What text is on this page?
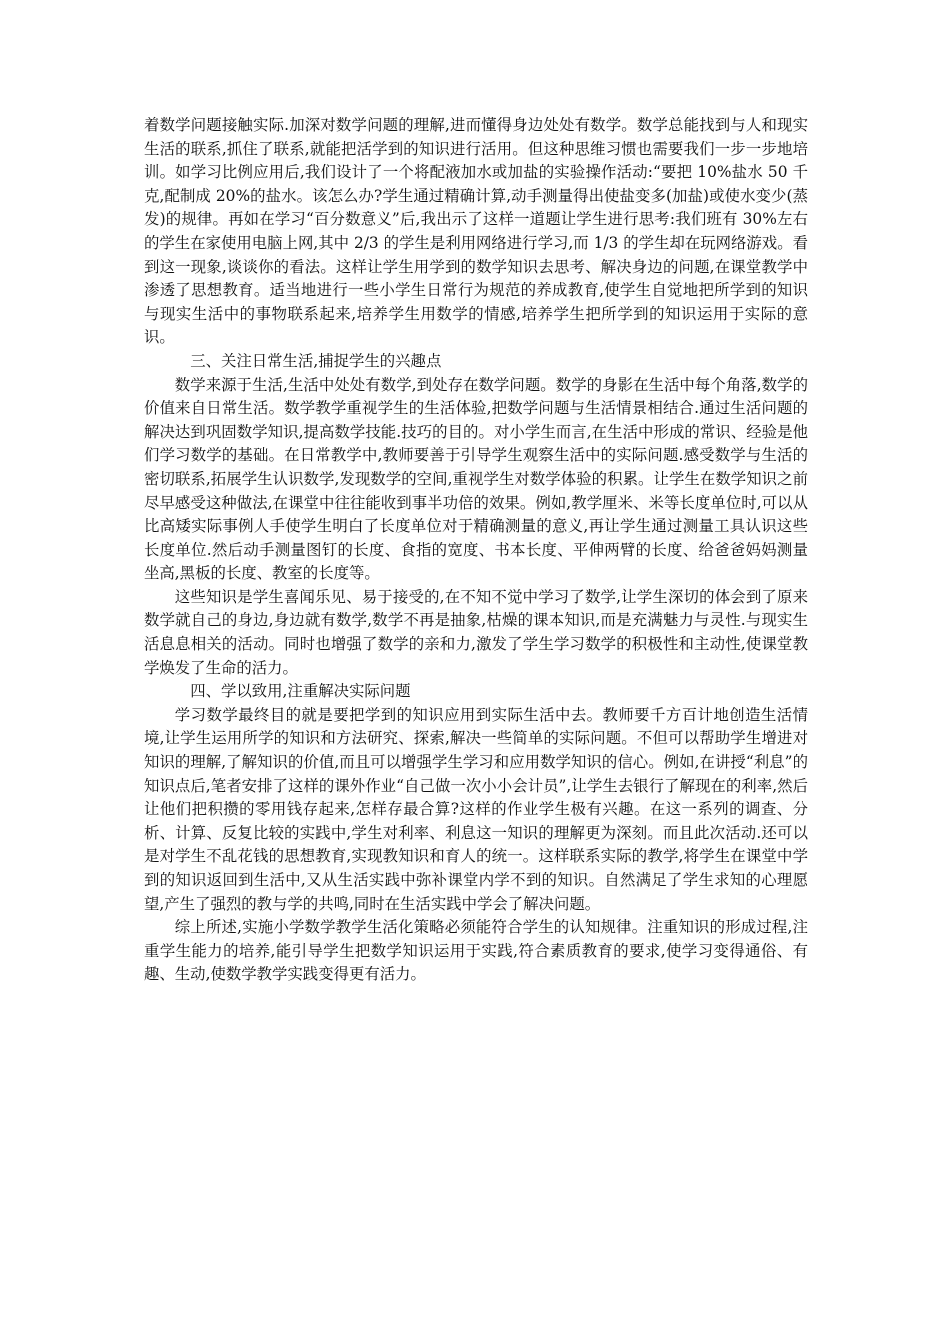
着数学问题接触实际.加深对数学问题的理解,进而懂得身边处处有数学。数学总能找到与人和现实生活的联系,抓住了联系,就能把活学到的知识进行活用。但这种思维习惯也需要我们一步一步地培训。如学习比例应用后,我们设计了一个将配液加水或加盐的实验操作活动:“要把 10%盐水 50 千克,配制成 20%的盐水。该怎么办?学生通过精确计算,动手测量得出使盐变多(加盐)或使水变少(蒸发)的规律。再如在学习“百分数意义”后,我出示了这样一道题让学生进行思考:我们班有 30%左右的学生在家使用电脑上网,其中 2/3 的学生是利用网络进行学习,而 1/3 的学生却在玩网络游戏。看到这一现象,谈谈你的看法。这样让学生用学到的数学知识去思考、解决身边的问题,在课堂教学中渗透了思想教育。适当地进行一些小学生日常行为规范的养成教育,使学生自觉地把所学到的知识与现实生活中的事物联系起来,培养学生用数学的情感,培养学生把所学到的知识运用于实际的意识。

三、关注日常生活,捕捉学生的兴趣点

数学来源于生活,生活中处处有数学,到处存在数学问题。数学的身影在生活中每个角落,数学的价值来自日常生活。数学教学重视学生的生活体验,把数学问题与生活情景相结合.通过生活问题的解决达到巩固数学知识,提高数学技能.技巧的目的。对小学生而言,在生活中形成的常识、经验是他们学习数学的基础。在日常教学中,教师要善于引导学生观察生活中的实际问题.感受数学与生活的密切联系,拓展学生认识数学,发现数学的空间,重视学生对数学体验的积累。让学生在数学知识之前尽早感受这种做法,在课堂中往往能收到事半功倍的效果。例如,教学厘米、米等长度单位时,可以从比高矮实际事例人手使学生明白了长度单位对于精确测量的意义,再让学生通过测量工具认识这些长度单位.然后动手测量图钉的长度、食指的宽度、书本长度、平伸两臂的长度、给爸爸妈妈测量坐高,黑板的长度、教室的长度等。

这些知识是学生喜闻乐见、易于接受的,在不知不觉中学习了数学,让学生深切的体会到了原来数学就自己的身边,身边就有数学,数学不再是抽象,枯燥的课本知识,而是充满魅力与灵性.与现实生活息息相关的活动。同时也增强了数学的亲和力,激发了学生学习数学的积极性和主动性,使课堂教学焕发了生命的活力。

四、学以致用,注重解决实际问题

学习数学最终目的就是要把学到的知识应用到实际生活中去。教师要千方百计地创造生活情境,让学生运用所学的知识和方法研究、探索,解决一些简单的实际问题。不但可以帮助学生增进对知识的理解,了解知识的价值,而且可以增强学生学习和应用数学知识的信心。例如,在讲授“利息”的知识点后,笔者安排了这样的课外作业“自己做一次小小会计员”,让学生去银行了解现在的利率,然后让他们把积攒的零用钱存起来,怎样存最合算?这样的作业学生极有兴趣。在这一系列的调查、分析、计算、反复比较的实践中,学生对利率、利息这一知识的理解更为深刻。而且此次活动.还可以是对学生不乱花钱的思想教育,实现教知识和育人的统一。这样联系实际的教学,将学生在课堂中学到的知识返回到生活中,又从生活实践中弥补课堂内学不到的知识。自然满足了学生求知的心理愿望,产生了强烈的教与学的共鸣,同时在生活实践中学会了解决问题。

综上所述,实施小学数学教学生活化策略必须能符合学生的认知规律。注重知识的形成过程,注重学生能力的培养,能引导学生把数学知识运用于实践,符合素质教育的要求,使学习变得通俗、有趣、生动,使数学教学实践变得更有活力。
